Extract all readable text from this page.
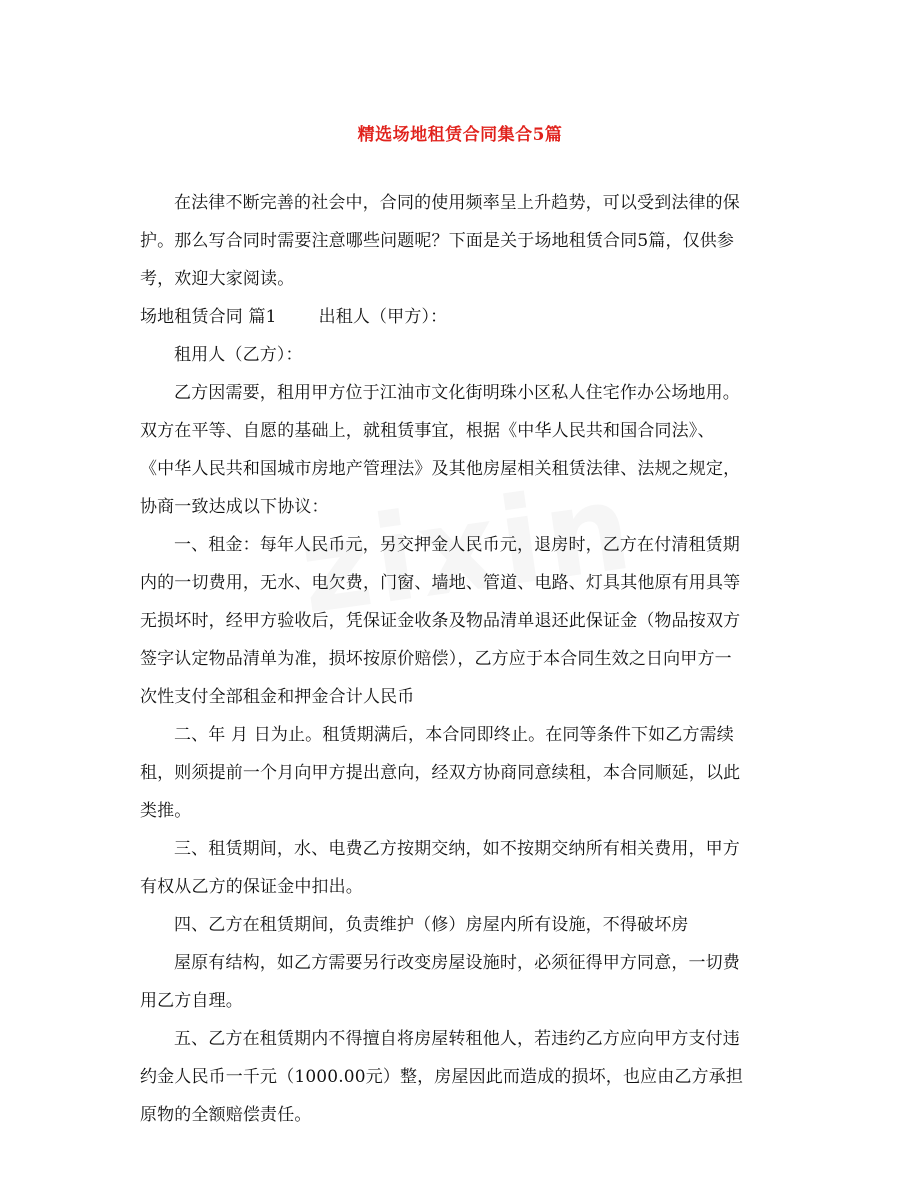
精选场地租赁合同集合5篇
在法律不断完善的社会中，合同的使用频率呈上升趋势，可以受到法律的保
护。那么写合同时需要注意哪些问题呢？下面是关于场地租赁合同5篇，仅供参
考，欢迎大家阅读。
场地租赁合同 篇1 出租人（甲方）：
租用人（乙方）：
乙方因需要，租用甲方位于江油市文化街明珠小区私人住宅作办公场地用。
双方在平等、自愿的基础上，就租赁事宜，根据《中华人民共和国合同法》、
《中华人民共和国城市房地产管理法》及其他房屋相关租赁法律、法规之规定，
协商一致达成以下协议：
一、租金：每年人民币元，另交押金人民币元，退房时，乙方在付清租赁期
内的一切费用，无水、电欠费，门窗、墙地、管道、电路、灯具其他原有用具等
无损坏时，经甲方验收后，凭保证金收条及物品清单退还此保证金（物品按双方
签字认定物品清单为准，损坏按原价赔偿），乙方应于本合同生效之日向甲方一
次性支付全部租金和押金合计人民币
二、年 月 日为止。租赁期满后，本合同即终止。在同等条件下如乙方需续
租，则须提前一个月向甲方提出意向，经双方协商同意续租，本合同顺延，以此
类推。
三、租赁期间，水、电费乙方按期交纳，如不按期交纳所有相关费用，甲方
有权从乙方的保证金中扣出。
四、乙方在租赁期间，负责维护（修）房屋内所有设施，不得破坏房
屋原有结构，如乙方需要另行改变房屋设施时，必须征得甲方同意，一切费
用乙方自理。
五、乙方在租赁期内不得擅自将房屋转租他人，若违约乙方应向甲方支付违
约金人民币一千元（1000.00元）整，房屋因此而造成的损坏，也应由乙方承担
原物的全额赔偿责任。
